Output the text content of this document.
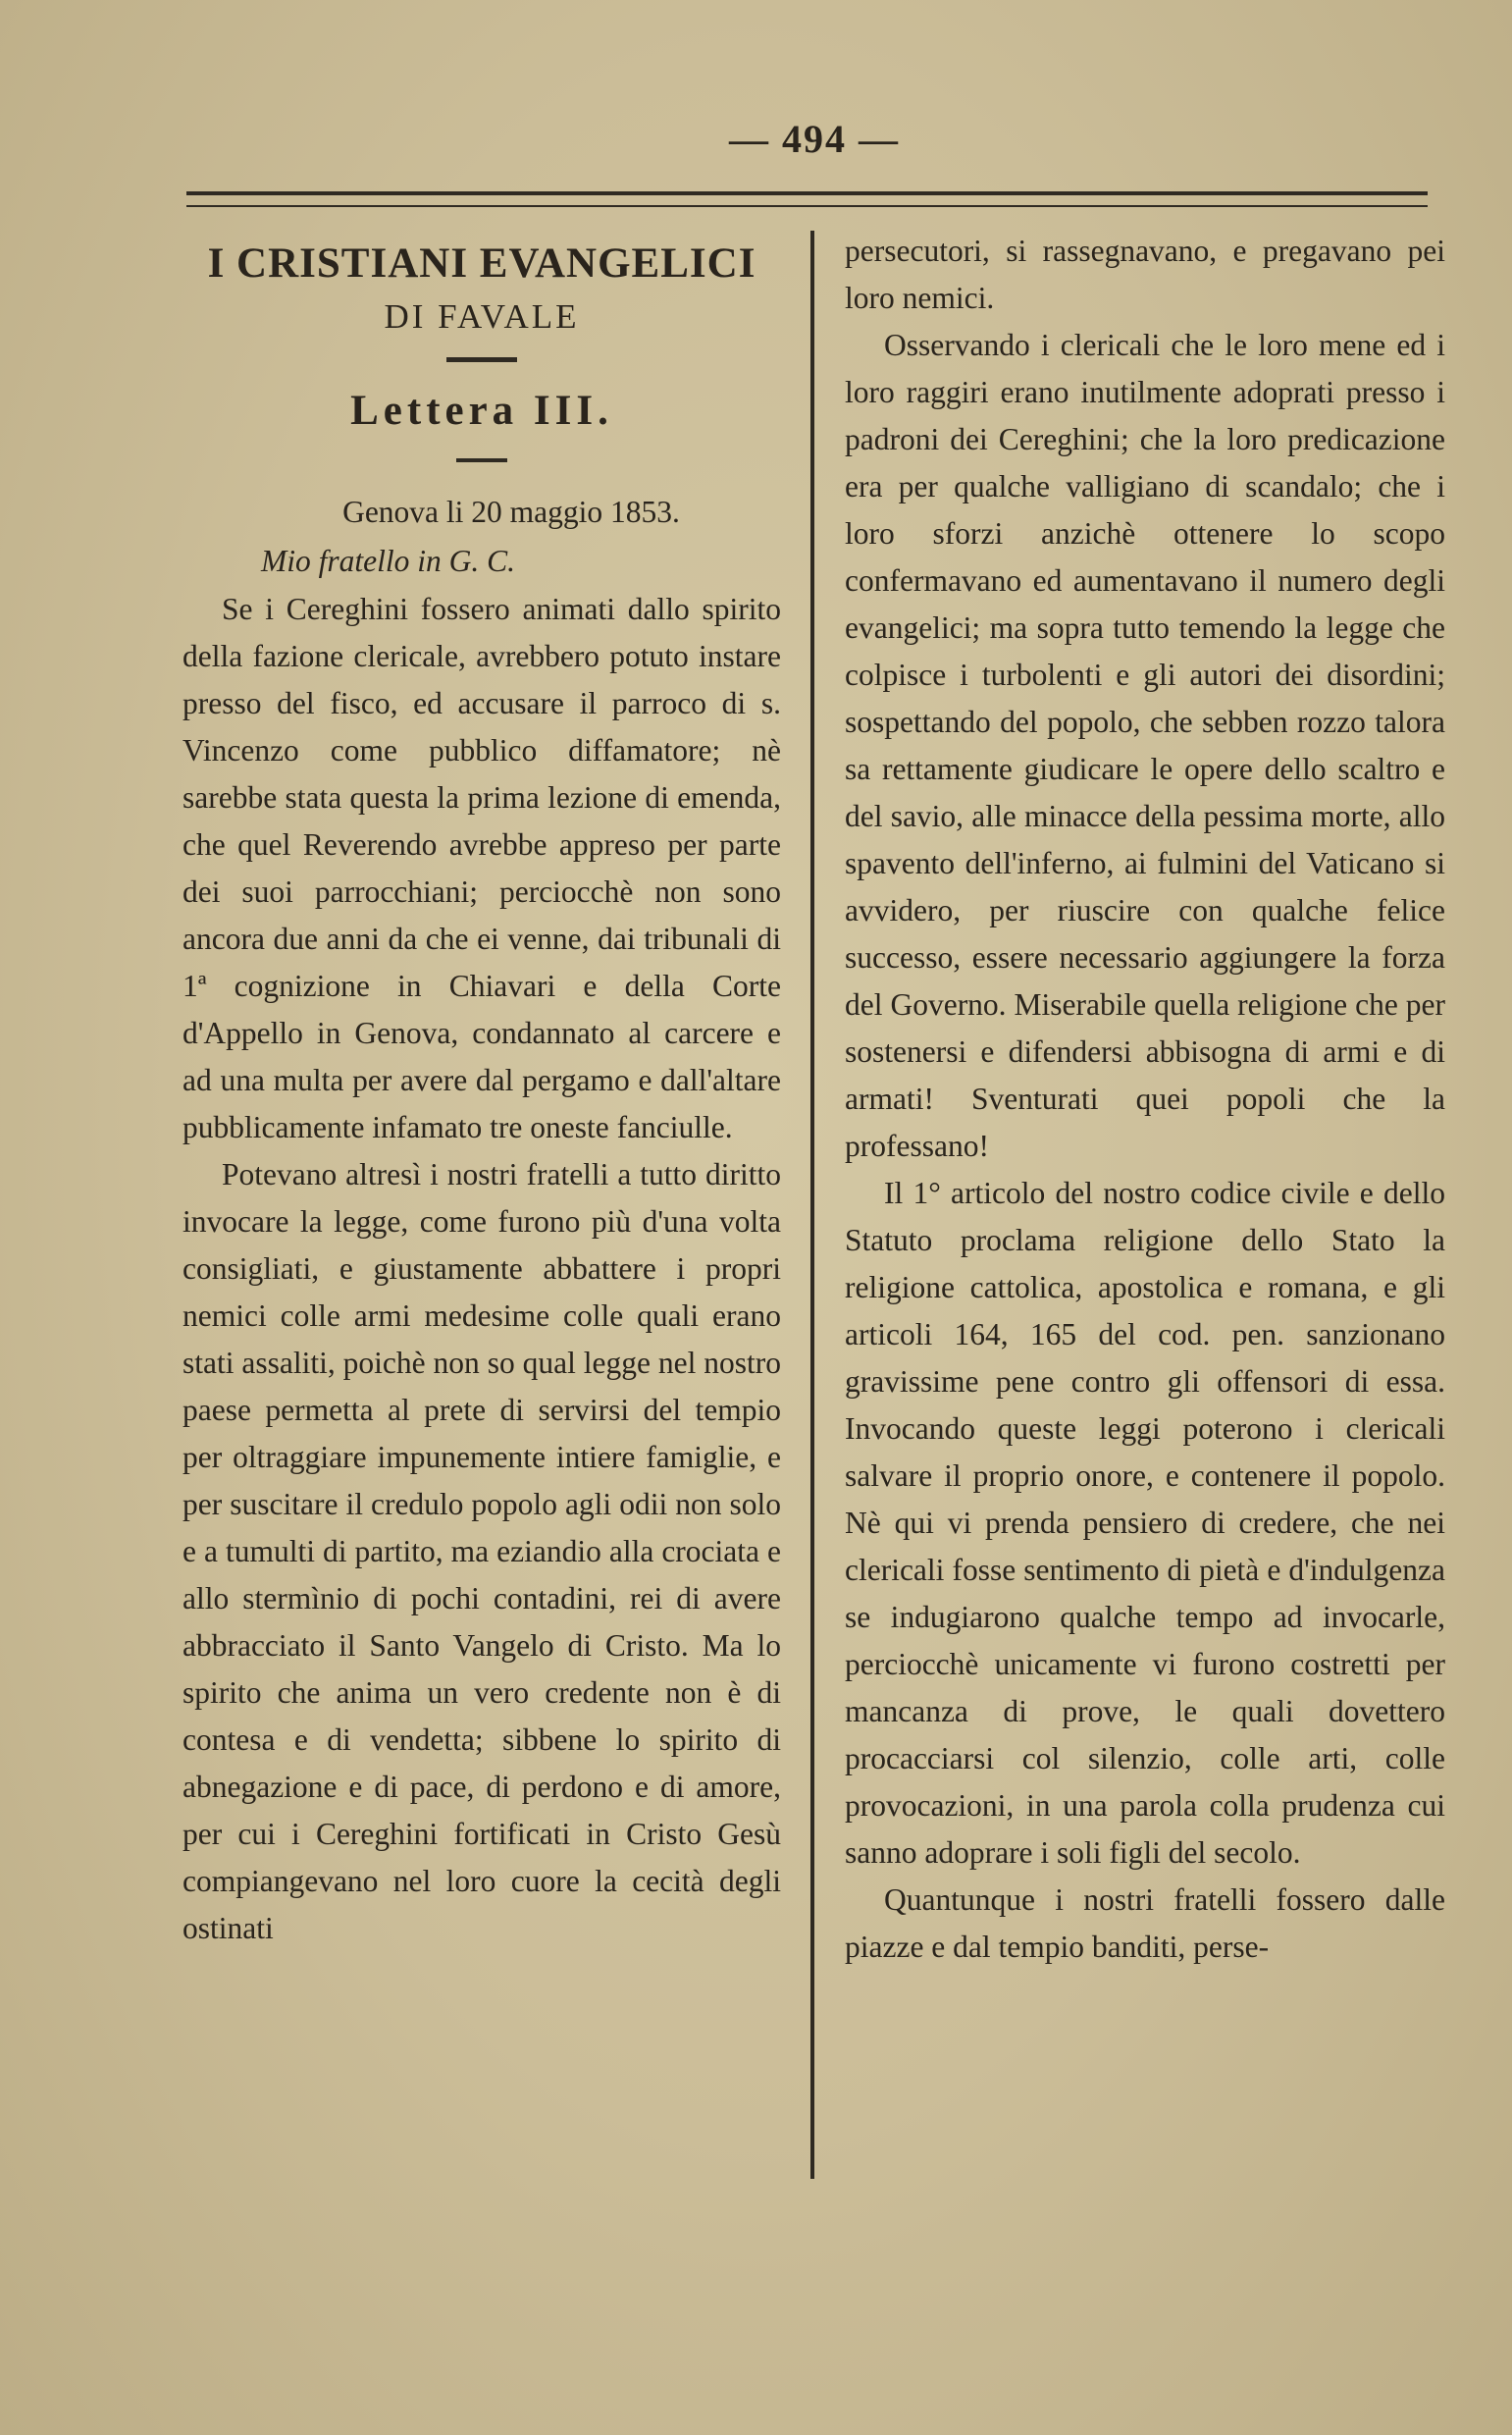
— 494 —
I CRISTIANI EVANGELICI
DI FAVALE
Lettera III.
Genova li 20 maggio 1853.
Mio fratello in G. C.

Se i Cereghini fossero animati dallo spirito della fazione clericale, avrebbero potuto instare presso del fisco, ed accusare il parroco di s. Vincenzo come pubblico diffamatore; nè sarebbe stata questa la prima lezione di emenda, che quel Reverendo avrebbe appreso per parte dei suoi parrocchiani; perciocchè non sono ancora due anni da che ei venne, dai tribunali di 1ª cognizione in Chiavari e della Corte d'Appello in Genova, condannato al carcere e ad una multa per avere dal pergamo e dall'altare pubblicamente infamato tre oneste fanciulle.

Potevano altresì i nostri fratelli a tutto diritto invocare la legge, come furono più d'una volta consigliati, e giustamente abbattere i propri nemici colle armi medesime colle quali erano stati assaliti, poichè non so qual legge nel nostro paese permetta al prete di servirsi del tempio per oltraggiare impunemente intiere famiglie, e per suscitare il credulo popolo agli odii non solo e a tumulti di partito, ma eziandio alla crociata e allo stermìnio di pochi contadini, rei di avere abbracciato il Santo Vangelo di Cristo. Ma lo spirito che anima un vero credente non è di contesa e di vendetta; sibbene lo spirito di abnegazione e di pace, di perdono e di amore, per cui i Cereghini fortificati in Cristo Gesù compiangevano nel loro cuore la cecità degli ostinati

persecutori, si rassegnavano, e pregavano pei loro nemici.

Osservando i clericali che le loro mene ed i loro raggiri erano inutilmente adoprati presso i padroni dei Cereghini; che la loro predicazione era per qualche valligiano di scandalo; che i loro sforzi anzichè ottenere lo scopo confermavano ed aumentavano il numero degli evangelici; ma sopra tutto temendo la legge che colpisce i turbolenti e gli autori dei disordini; sospettando del popolo, che sebben rozzo talora sa rettamente giudicare le opere dello scaltro e del savio, alle minacce della pessima morte, allo spavento dell'inferno, ai fulmini del Vaticano si avvidero, per riuscire con qualche felice successo, essere necessario aggiungere la forza del Governo. Miserabile quella religione che per sostenersi e difendersi abbisogna di armi e di armati! Sventurati quei popoli che la professano!

Il 1° articolo del nostro codice civile e dello Statuto proclama religione dello Stato la religione cattolica, apostolica e romana, e gli articoli 164, 165 del cod. pen. sanzionano gravissime pene contro gli offensori di essa. Invocando queste leggi poterono i clericali salvare il proprio onore, e contenere il popolo. Nè qui vi prenda pensiero di credere, che nei clericali fosse sentimento di pietà e d'indulgenza se indugiarono qualche tempo ad invocarle, perciocchè unicamente vi furono costretti per mancanza di prove, le quali dovettero procacciarsi col silenzio, colle arti, colle provocazioni, in una parola colla prudenza cui sanno adoprare i soli figli del secolo.

Quantunque i nostri fratelli fossero dalle piazze e dal tempio banditi, perse-
